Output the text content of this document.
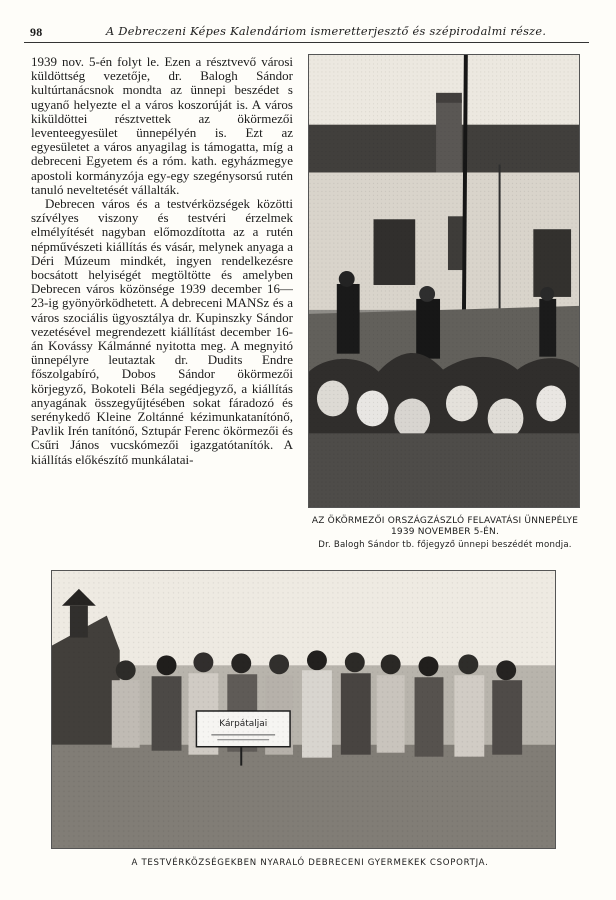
98	A Debreczeni Képes Kalendáriom ismeretterjesztő és szépirodalmi része.

1939 nov. 5-én folyt le. Ezen a résztvevő városi küldöttség vezetője, dr. Balogh Sándor kultúrtanácsnok mondta az ünnepi beszédet s ugyanő helyezte el a város koszorúját is. A város kiküldöttei résztvettek az ökörmezői leventeegyesület ünnepélyén is. Ezt az egyesületet a város anyagilag is támogatta, míg a debreceni Egyetem és a róm. kath. egyházmegye apostoli kormányzója egy-egy szegénysorsú rutén tanuló neveltetését vállalták.

Debrecen város és a testvérközségek közötti szívélyes viszony és testvéri érzelmek elmélyítését nagyban előmozdította az a rutén népművészeti kiállítás és vásár, melynek anyaga a Déri Múzeum mindkét, ingyen rendelkezésre bocsátott helyiségét megtöltötte és amelyben Debrecen város közönsége 1939 december 16—23-ig gyönyörködhetett. A debreceni MANSz és a város szociális ügyosztálya dr. Kupinszky Sándor vezetésével megrendezett kiállítást december 16-án Kovássy Kálmánné nyitotta meg. A megnyitó ünnepélyre leutaztak dr. Dudits Endre főszolgabíró, Dobos Sándor ökörmezői körjegyző, Bokoteli Béla segédjegyző, a kiállítás anyagának összegyűjtésében sokat fáradozó és serénykedő Kleine Zoltánné kézimunkatanítónő, Pavlik Irén tanítónő, Sztupár Ferenc ökörmezői és Csűri János vucskómezői igazgatótanítók. A kiállítás előkészítő munkálatai-

AZ ÖKÖRMEZŐI ORSZÁGZÁSZLÓ FELAVATÁSI ÜNNEPÉLYE 1939 NOVEMBER 5-ÉN.
Dr. Balogh Sándor tb. főjegyző ünnepi beszédét mondja.
A TESTVÉRKÖZSÉGEKBEN NYARALÓ DEBRECENI GYERMEKEK CSOPORTJA.
